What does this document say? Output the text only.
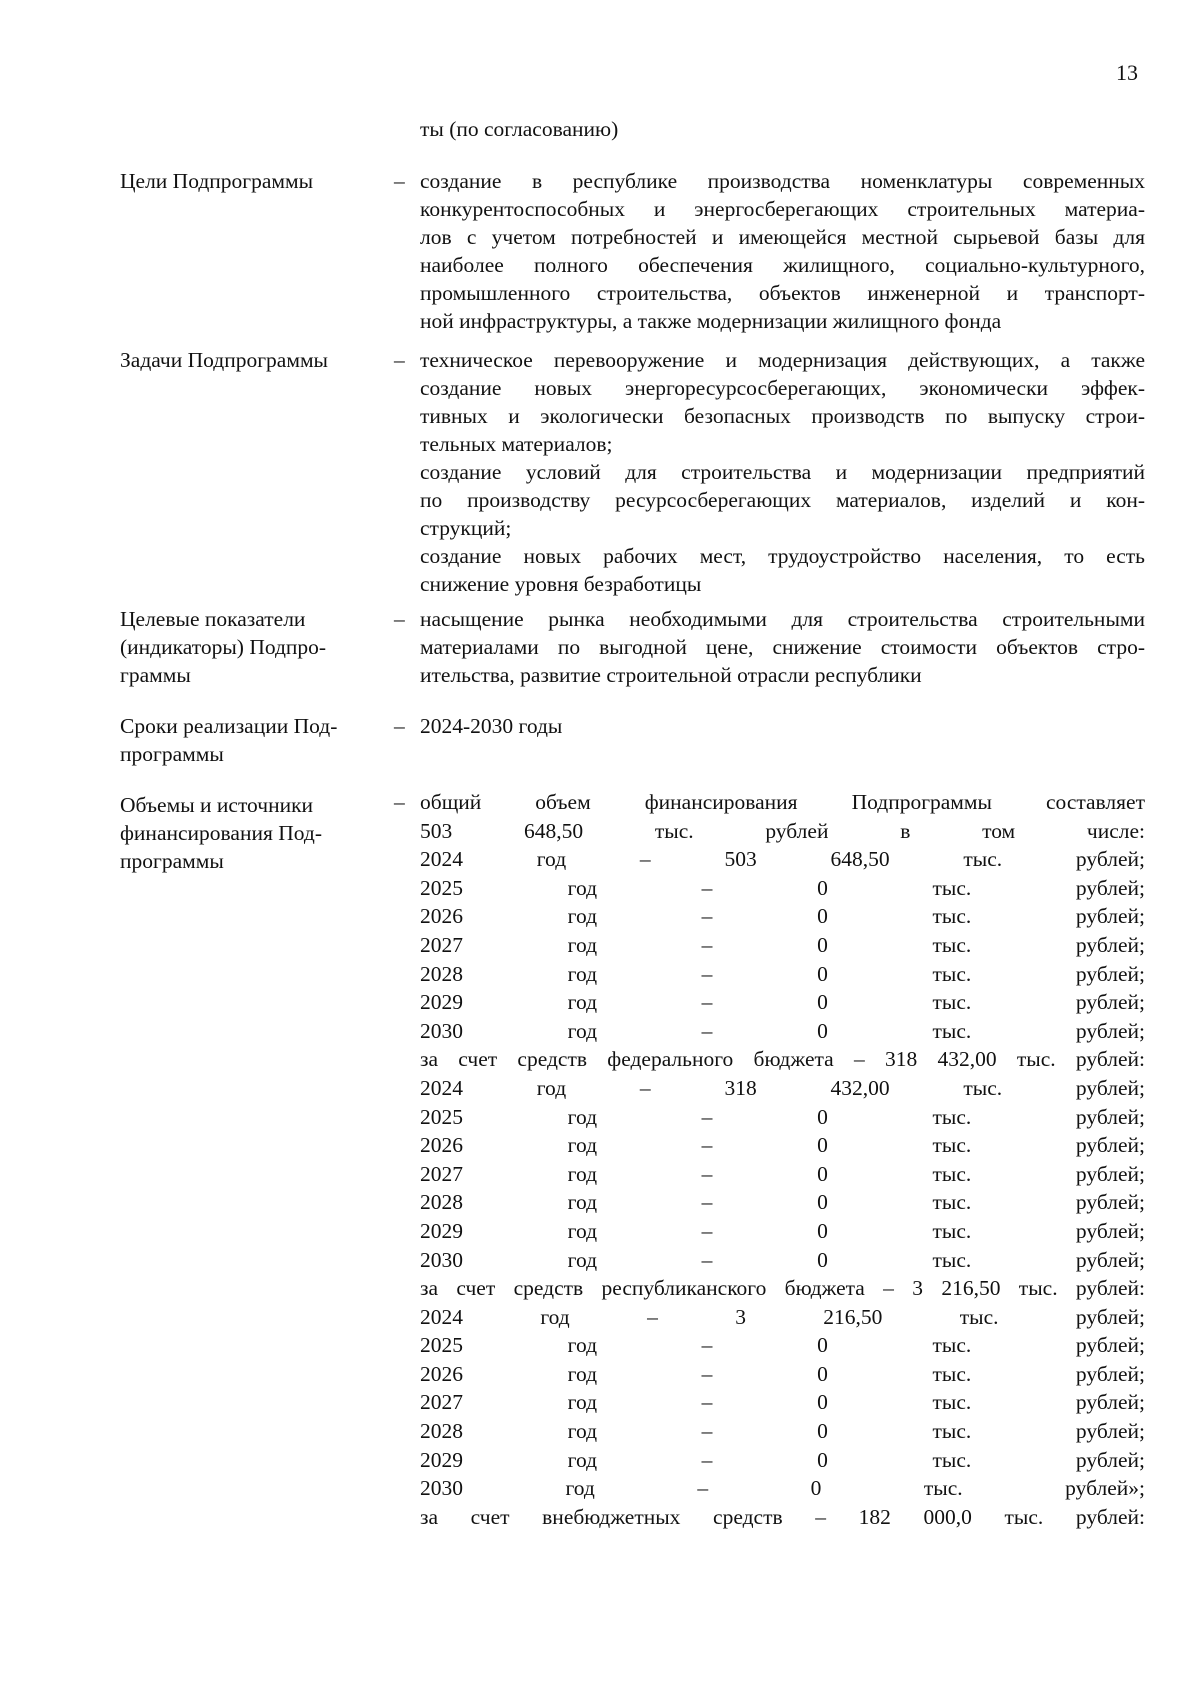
13
ты (по согласованию)
Цели Подпрограммы	– создание в республике производства номенклатуры современных
конкурентоспособных и энергосберегающих строительных материа-
лов с учетом потребностей и имеющейся местной сырьевой базы для
наиболее полного обеспечения жилищного, социально-культурного,
промышленного строительства, объектов инженерной и транспорт-
ной инфраструктуры, а также модернизации жилищного фонда
Задачи Подпрограммы	– техническое перевооружение и модернизация действующих, а также
создание новых энергоресурсосберегающих, экономически эффек-
тивных и экологически безопасных производств по выпуску строи-
тельных материалов;
создание условий для строительства и модернизации предприятий
по производству ресурсосберегающих материалов, изделий и кон-
струкций;
создание новых рабочих мест, трудоустройство населения, то есть
снижение уровня безработицы
Целевые показатели
(индикаторы) Подпро-
граммы
– насыщение рынка необходимыми для строительства строительными
материалами по выгодной цене, снижение стоимости объектов стро-
ительства, развитие строительной отрасли республики
Сроки реализации Под-
программы
– 2024-2030 годы
Объемы и источники
финансирования Под-
программы
– общий объем финансирования Подпрограммы составляет
503 648,50 тыс. рублей в том числе:
2024 год – 503 648,50 тыс. рублей;
2025 год – 0 тыс. рублей;
2026 год – 0 тыс. рублей;
2027 год – 0 тыс. рублей;
2028 год – 0 тыс. рублей;
2029 год – 0 тыс. рублей;
2030 год – 0 тыс. рублей;
за счет средств федерального бюджета – 318 432,00 тыс. рублей:
2024 год – 318 432,00 тыс. рублей;
2025 год – 0 тыс. рублей;
2026 год – 0 тыс. рублей;
2027 год – 0 тыс. рублей;
2028 год – 0 тыс. рублей;
2029 год – 0 тыс. рублей;
2030 год – 0 тыс. рублей;
за счет средств республиканского бюджета – 3 216,50 тыс. рублей:
2024 год – 3 216,50 тыс. рублей;
2025 год – 0 тыс. рублей;
2026 год – 0 тыс. рублей;
2027 год – 0 тыс. рублей;
2028 год – 0 тыс. рублей;
2029 год – 0 тыс. рублей;
2030 год – 0 тыс. рублей»;
за счет внебюджетных средств – 182 000,0 тыс. рублей:
